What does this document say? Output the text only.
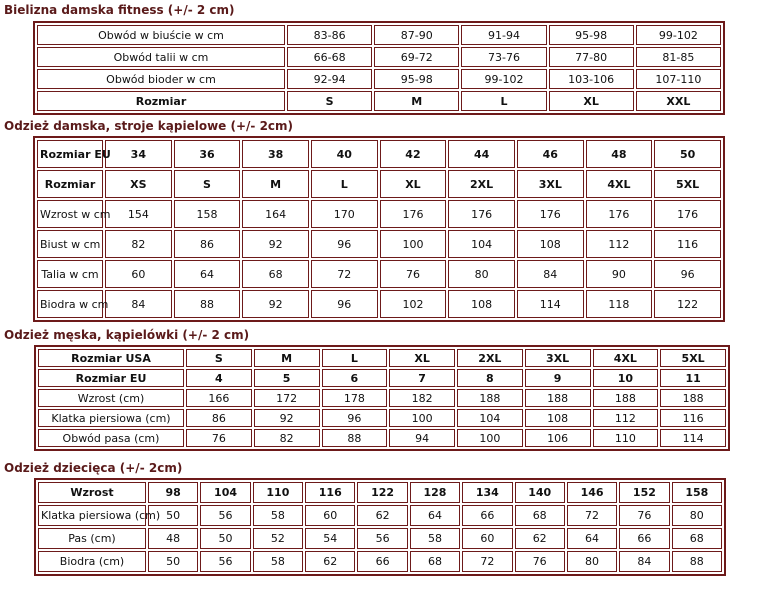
Bielizna damska fitness (+/- 2 cm)
Obwód w biuście w cm	83-86	87-90	91-94	95-98	99-102
Obwód talii w cm	66-68	69-72	73-76	77-80	81-85
Obwód bioder w cm	92-94	95-98	99-102	103-106	107-110
Rozmiar	S	M	L	XL	XXL
Odzież damska, stroje kąpielowe (+/- 2cm)
Rozmiar EU	34	36	38	40	42	44	46	48	50
Rozmiar	XS	S	M	L	XL	2XL	3XL	4XL	5XL
Wzrost w cm	154	158	164	170	176	176	176	176	176
Biust w cm	82	86	92	96	100	104	108	112	116
Talia w cm	60	64	68	72	76	80	84	90	96
Biodra w cm	84	88	92	96	102	108	114	118	122
Odzież męska, kąpielówki (+/- 2 cm)
Rozmiar USA	S	M	L	XL	2XL	3XL	4XL	5XL
Rozmiar EU	4	5	6	7	8	9	10	11
Wzrost (cm)	166	172	178	182	188	188	188	188
Klatka piersiowa (cm)	86	92	96	100	104	108	112	116
Obwód pasa (cm)	76	82	88	94	100	106	110	114
Odzież dziecięca (+/- 2cm)
Wzrost	98	104	110	116	122	128	134	140	146	152	158
Klatka piersiowa (cm)	50	56	58	60	62	64	66	68	72	76	80
Pas (cm)	48	50	52	54	56	58	60	62	64	66	68
Biodra (cm)	50	56	58	62	66	68	72	76	80	84	88
